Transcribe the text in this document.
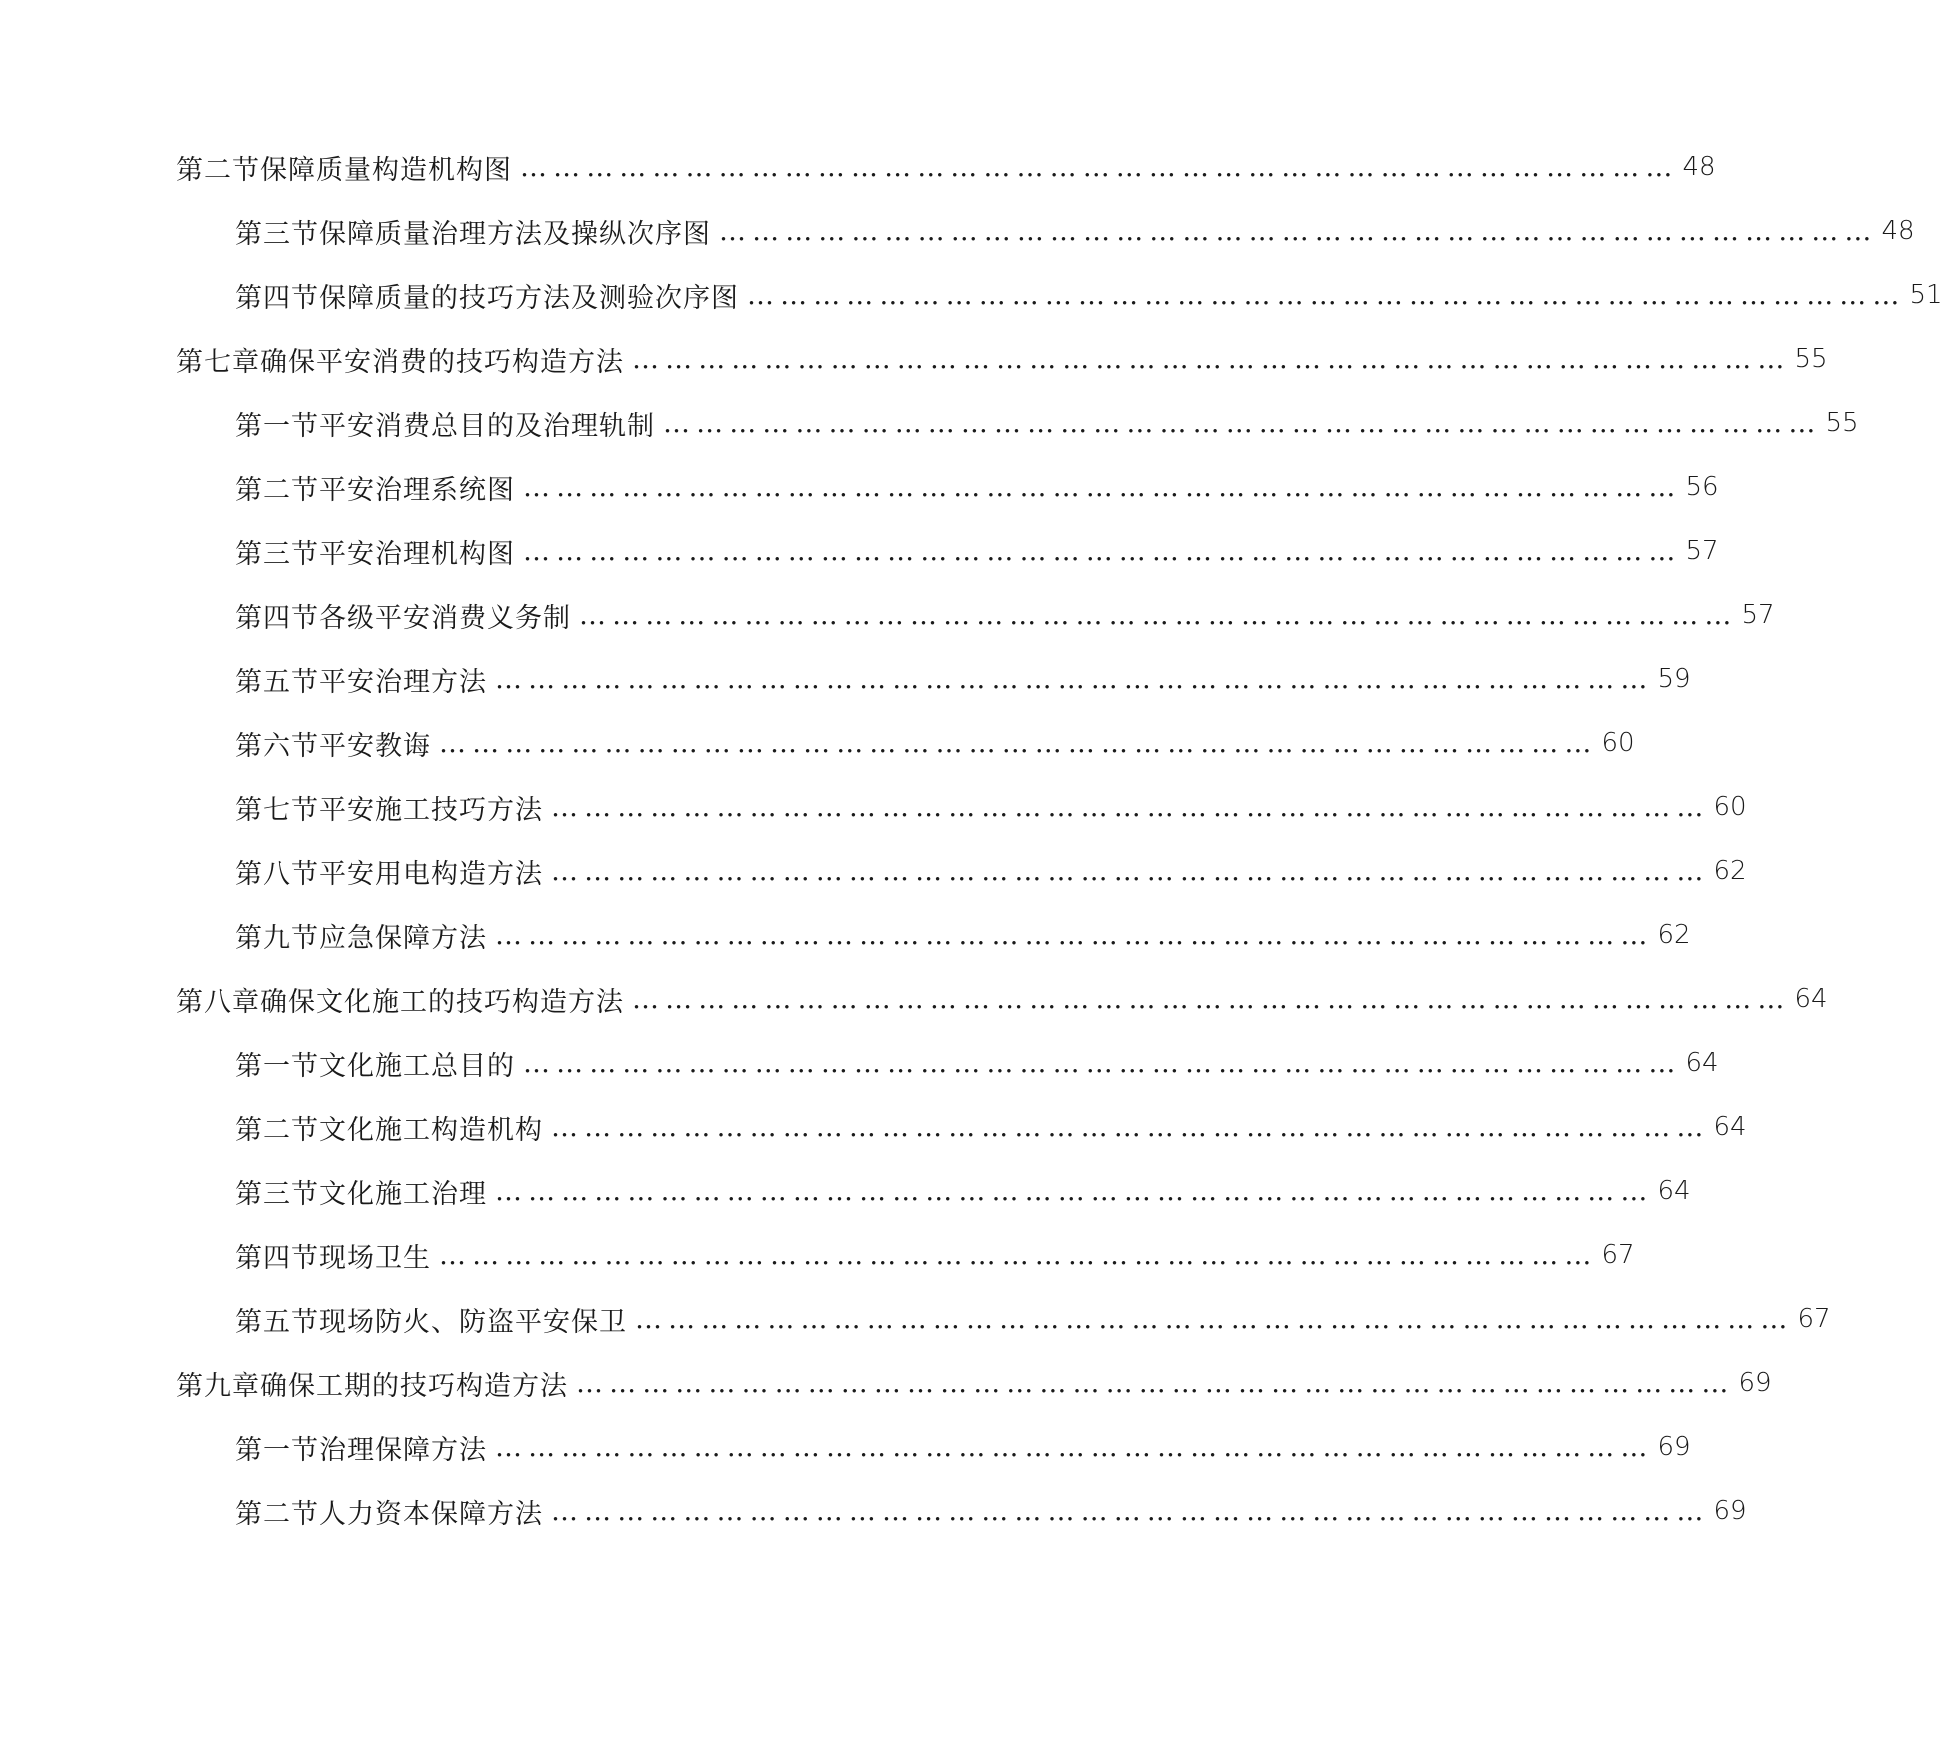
第二节保障质量构造机构图 …………………………………………………………………………………………… 48
第三节保障质量治理方法及操纵次序图 …………………………………………………………………………………………… 48
第四节保障质量的技巧方法及测验次序图 …………………………………………………………………………………………… 51
第七章确保平安消费的技巧构造方法 …………………………………………………………………………………………… 55
第一节平安消费总目的及治理轨制 …………………………………………………………………………………………… 55
第二节平安治理系统图 …………………………………………………………………………………………… 56
第三节平安治理机构图 …………………………………………………………………………………………… 57
第四节各级平安消费义务制 …………………………………………………………………………………………… 57
第五节平安治理方法 …………………………………………………………………………………………… 59
第六节平安教诲 …………………………………………………………………………………………… 60
第七节平安施工技巧方法 …………………………………………………………………………………………… 60
第八节平安用电构造方法 …………………………………………………………………………………………… 62
第九节应急保障方法 …………………………………………………………………………………………… 62
第八章确保文化施工的技巧构造方法 …………………………………………………………………………………………… 64
第一节文化施工总目的 …………………………………………………………………………………………… 64
第二节文化施工构造机构 …………………………………………………………………………………………… 64
第三节文化施工治理 …………………………………………………………………………………………… 64
第四节现场卫生 …………………………………………………………………………………………… 67
第五节现场防火、防盗平安保卫 …………………………………………………………………………………………… 67
第九章确保工期的技巧构造方法 …………………………………………………………………………………………… 69
第一节治理保障方法 …………………………………………………………………………………………… 69
第二节人力资本保障方法 …………………………………………………………………………………………… 69
